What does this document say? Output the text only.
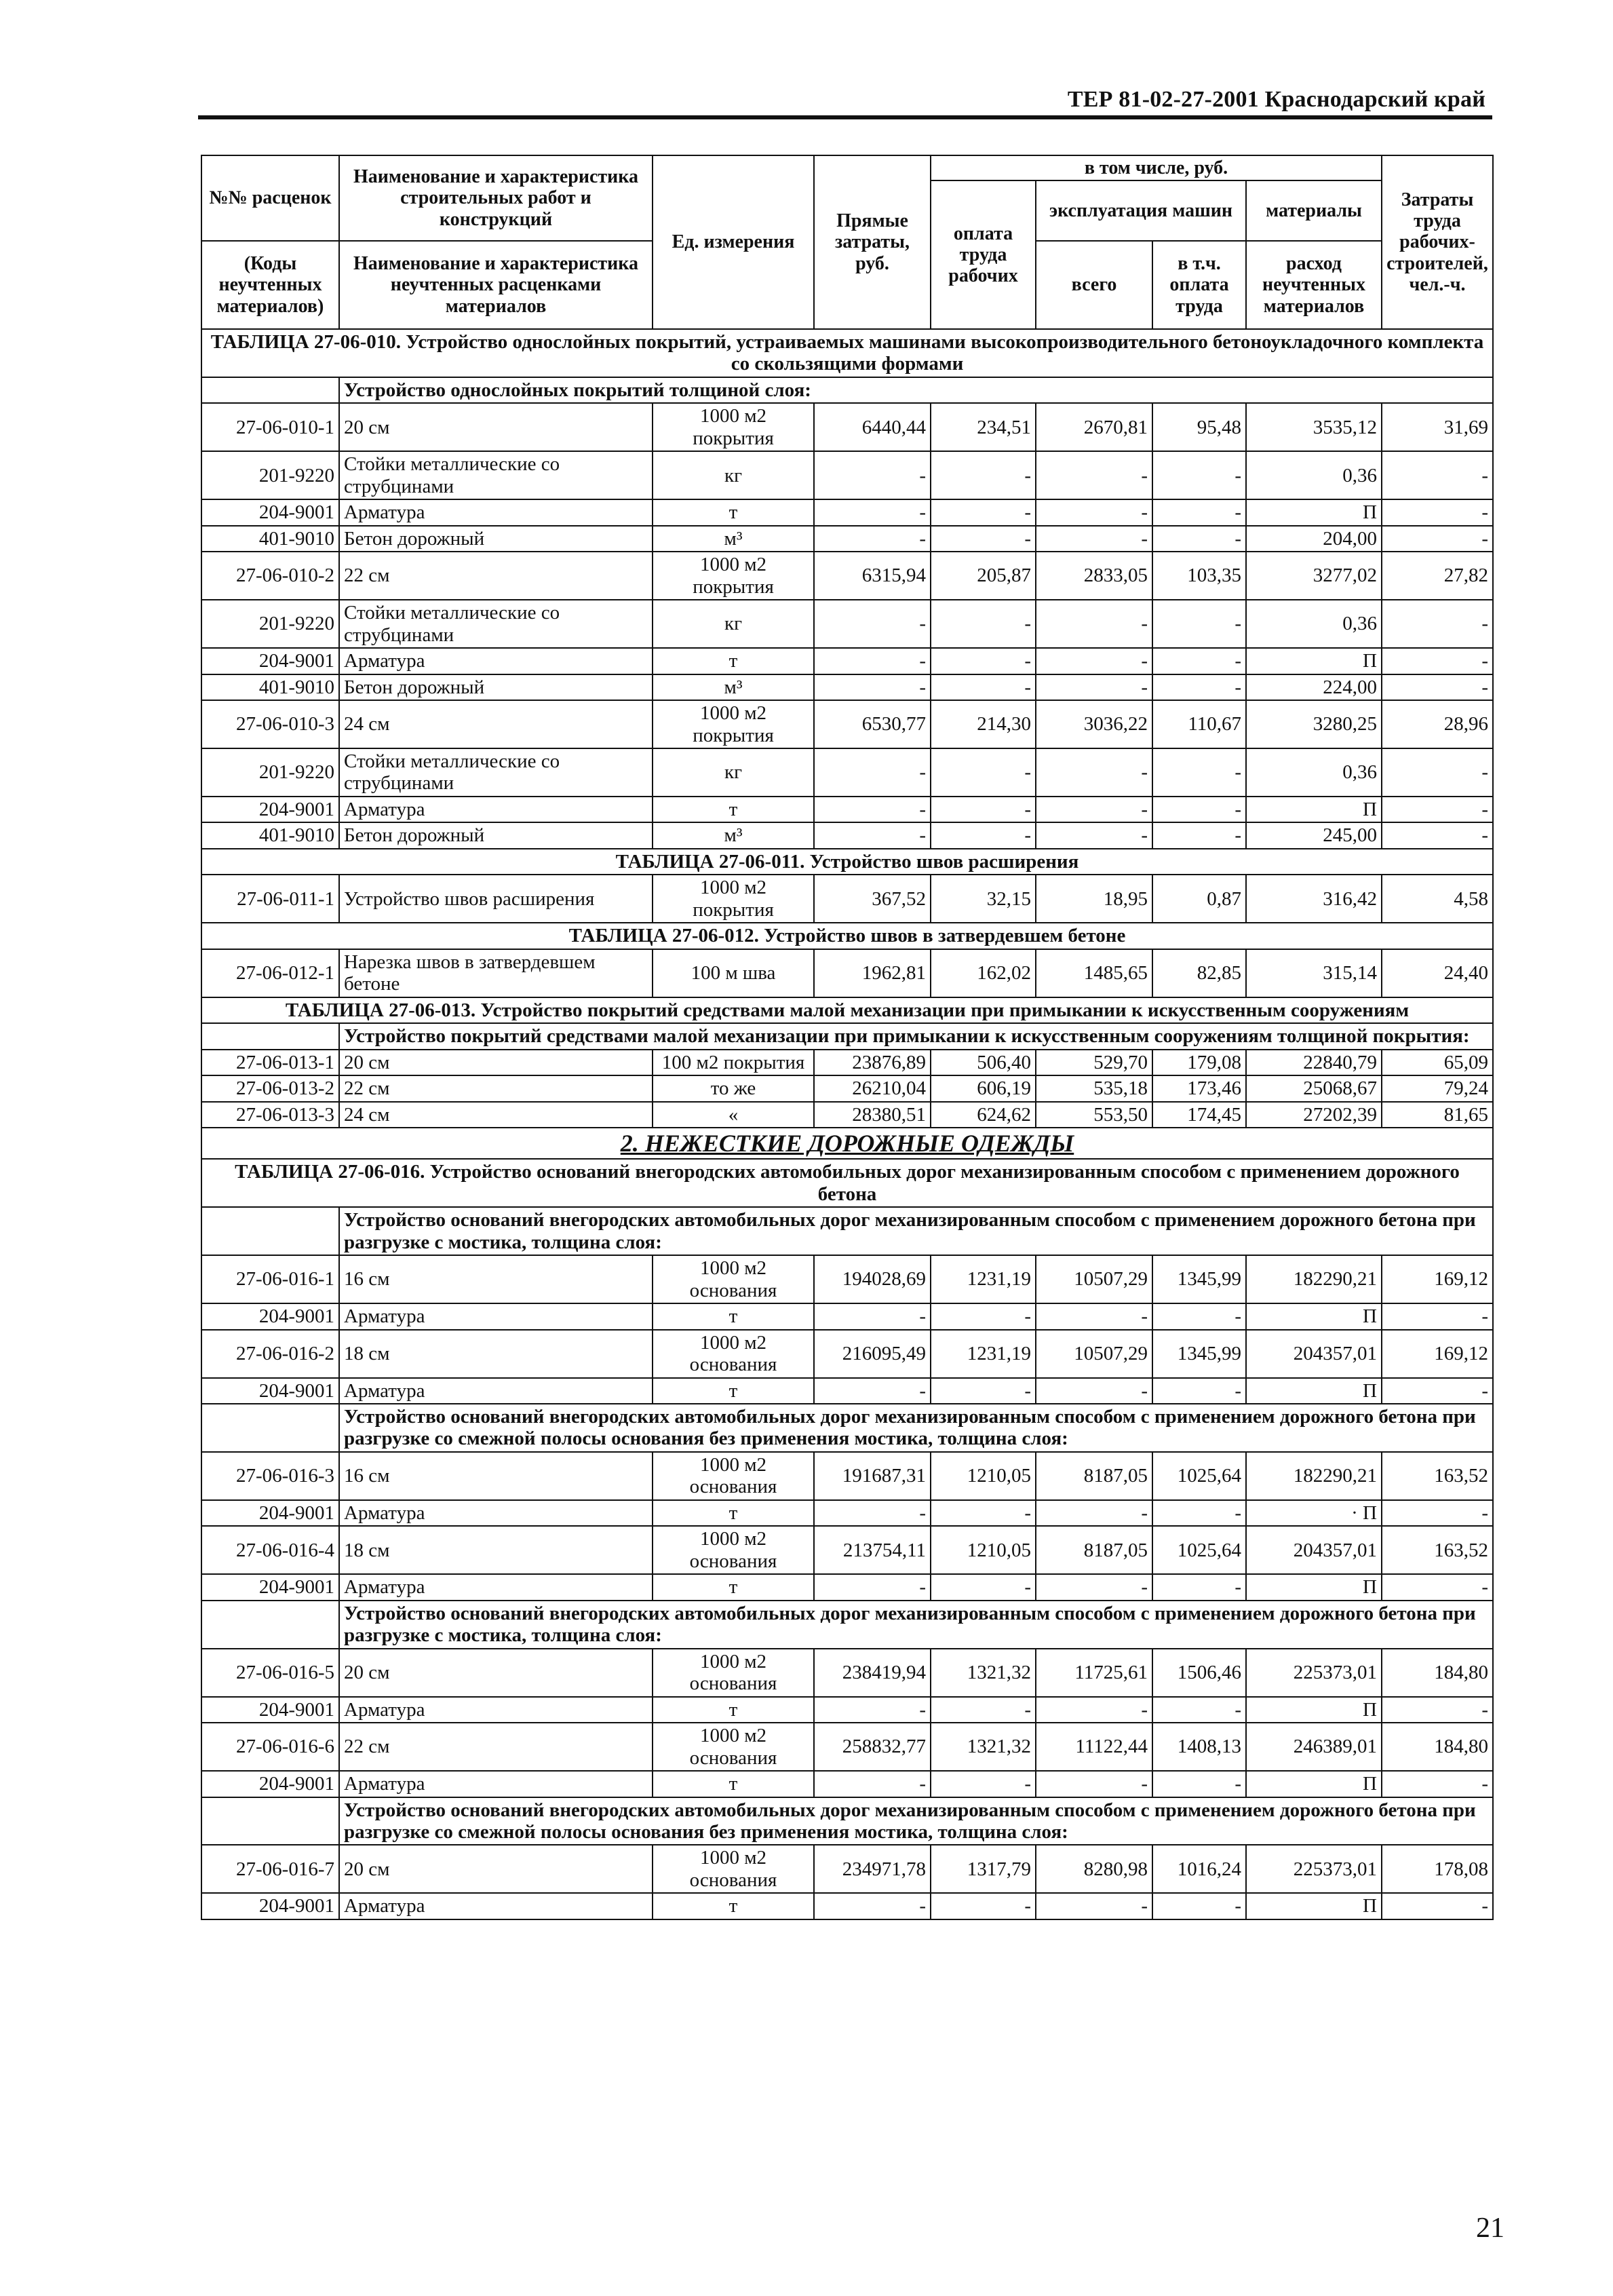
ТЕР 81-02-27-2001 Краснодарский край
№№ расценок	Наименование и характеристика строительных работ и конструкций	Ед. измерения	Прямые затраты, руб.	в том числе, руб.				Затраты труда рабочих-строителей, чел.-ч.
				оплата труда рабочих	эксплуатация машин		материалы	
(Коды неучтенных материалов)	Наименование и характеристика неучтенных расценками материалов				всего	в т.ч. оплата труда	расход неучтенных материалов	

ТАБЛИЦА 27-06-010. Устройство однослойных покрытий, устраиваемых машинами высокопроизводительного бетоноукладочного комплекта со скользящими формами								
	Устройство однослойных покрытий толщиной слоя:							
27-06-010-1	20 см	1000 м2 покрытия	6440,44	234,51	2670,81	95,48	3535,12	31,69
201-9220	Стойки металлические со струбцинами	кг	-	-	-	-	0,36	-
204-9001	Арматура	т	-	-	-	-	П	-
401-9010	Бетон дорожный	м³	-	-	-	-	204,00	-
27-06-010-2	22 см	1000 м2 покрытия	6315,94	205,87	2833,05	103,35	3277,02	27,82
201-9220	Стойки металлические со струбцинами	кг	-	-	-	-	0,36	-
204-9001	Арматура	т	-	-	-	-	П	-
401-9010	Бетон дорожный	м³	-	-	-	-	224,00	-
27-06-010-3	24 см	1000 м2 покрытия	6530,77	214,30	3036,22	110,67	3280,25	28,96
201-9220	Стойки металлические со струбцинами	кг	-	-	-	-	0,36	-
204-9001	Арматура	т	-	-	-	-	П	-
401-9010	Бетон дорожный	м³	-	-	-	-	245,00	-
ТАБЛИЦА 27-06-011. Устройство швов расширения								
27-06-011-1	Устройство швов расширения	1000 м2 покрытия	367,52	32,15	18,95	0,87	316,42	4,58
ТАБЛИЦА 27-06-012. Устройство швов в затвердевшем бетоне								
27-06-012-1	Нарезка швов в затвердевшем бетоне	100 м шва	1962,81	162,02	1485,65	82,85	315,14	24,40
ТАБЛИЦА 27-06-013. Устройство покрытий средствами малой механизации при примыкании к искусственным сооружениям								
	Устройство покрытий средствами малой механизации при примыкании к искусственным сооружениям толщиной покрытия:							
27-06-013-1	20 см	100 м2 покрытия	23876,89	506,40	529,70	179,08	22840,79	65,09
27-06-013-2	22 см	то же	26210,04	606,19	535,18	173,46	25068,67	79,24
27-06-013-3	24 см	«	28380,51	624,62	553,50	174,45	27202,39	81,65
2. НЕЖЕСТКИЕ ДОРОЖНЫЕ ОДЕЖДЫ								
ТАБЛИЦА 27-06-016. Устройство оснований внегородских автомобильных дорог механизированным способом с применением дорожного бетона								
	Устройство оснований внегородских автомобильных дорог механизированным способом с применением дорожного бетона при разгрузке с мостика, толщина слоя:							
27-06-016-1	16 см	1000 м2 основания	194028,69	1231,19	10507,29	1345,99	182290,21	169,12
204-9001	Арматура	т	-	-	-	-	П	-
27-06-016-2	18 см	1000 м2 основания	216095,49	1231,19	10507,29	1345,99	204357,01	169,12
204-9001	Арматура	т	-	-	-	-	П	-
	Устройство оснований внегородских автомобильных дорог механизированным способом с применением дорожного бетона при разгрузке со смежной полосы основания без применения мостика, толщина слоя:							
27-06-016-3	16 см	1000 м2 основания	191687,31	1210,05	8187,05	1025,64	182290,21	163,52
204-9001	Арматура	т	-	-	-	-	· П	-
27-06-016-4	18 см	1000 м2 основания	213754,11	1210,05	8187,05	1025,64	204357,01	163,52
204-9001	Арматура	т	-	-	-	-	П	-
	Устройство оснований внегородских автомобильных дорог механизированным способом с применением дорожного бетона при разгрузке с мостика, толщина слоя:							
27-06-016-5	20 см	1000 м2 основания	238419,94	1321,32	11725,61	1506,46	225373,01	184,80
204-9001	Арматура	т	-	-	-	-	П	-
27-06-016-6	22 см	1000 м2 основания	258832,77	1321,32	11122,44	1408,13	246389,01	184,80
204-9001	Арматура	т	-	-	-	-	П	-
	Устройство оснований внегородских автомобильных дорог механизированным способом с применением дорожного бетона при разгрузке со смежной полосы основания без применения мостика, толщина слоя:							
27-06-016-7	20 см	1000 м2 основания	234971,78	1317,79	8280,98	1016,24	225373,01	178,08
204-9001	Арматура	т	-	-	-	-	П	-
21
